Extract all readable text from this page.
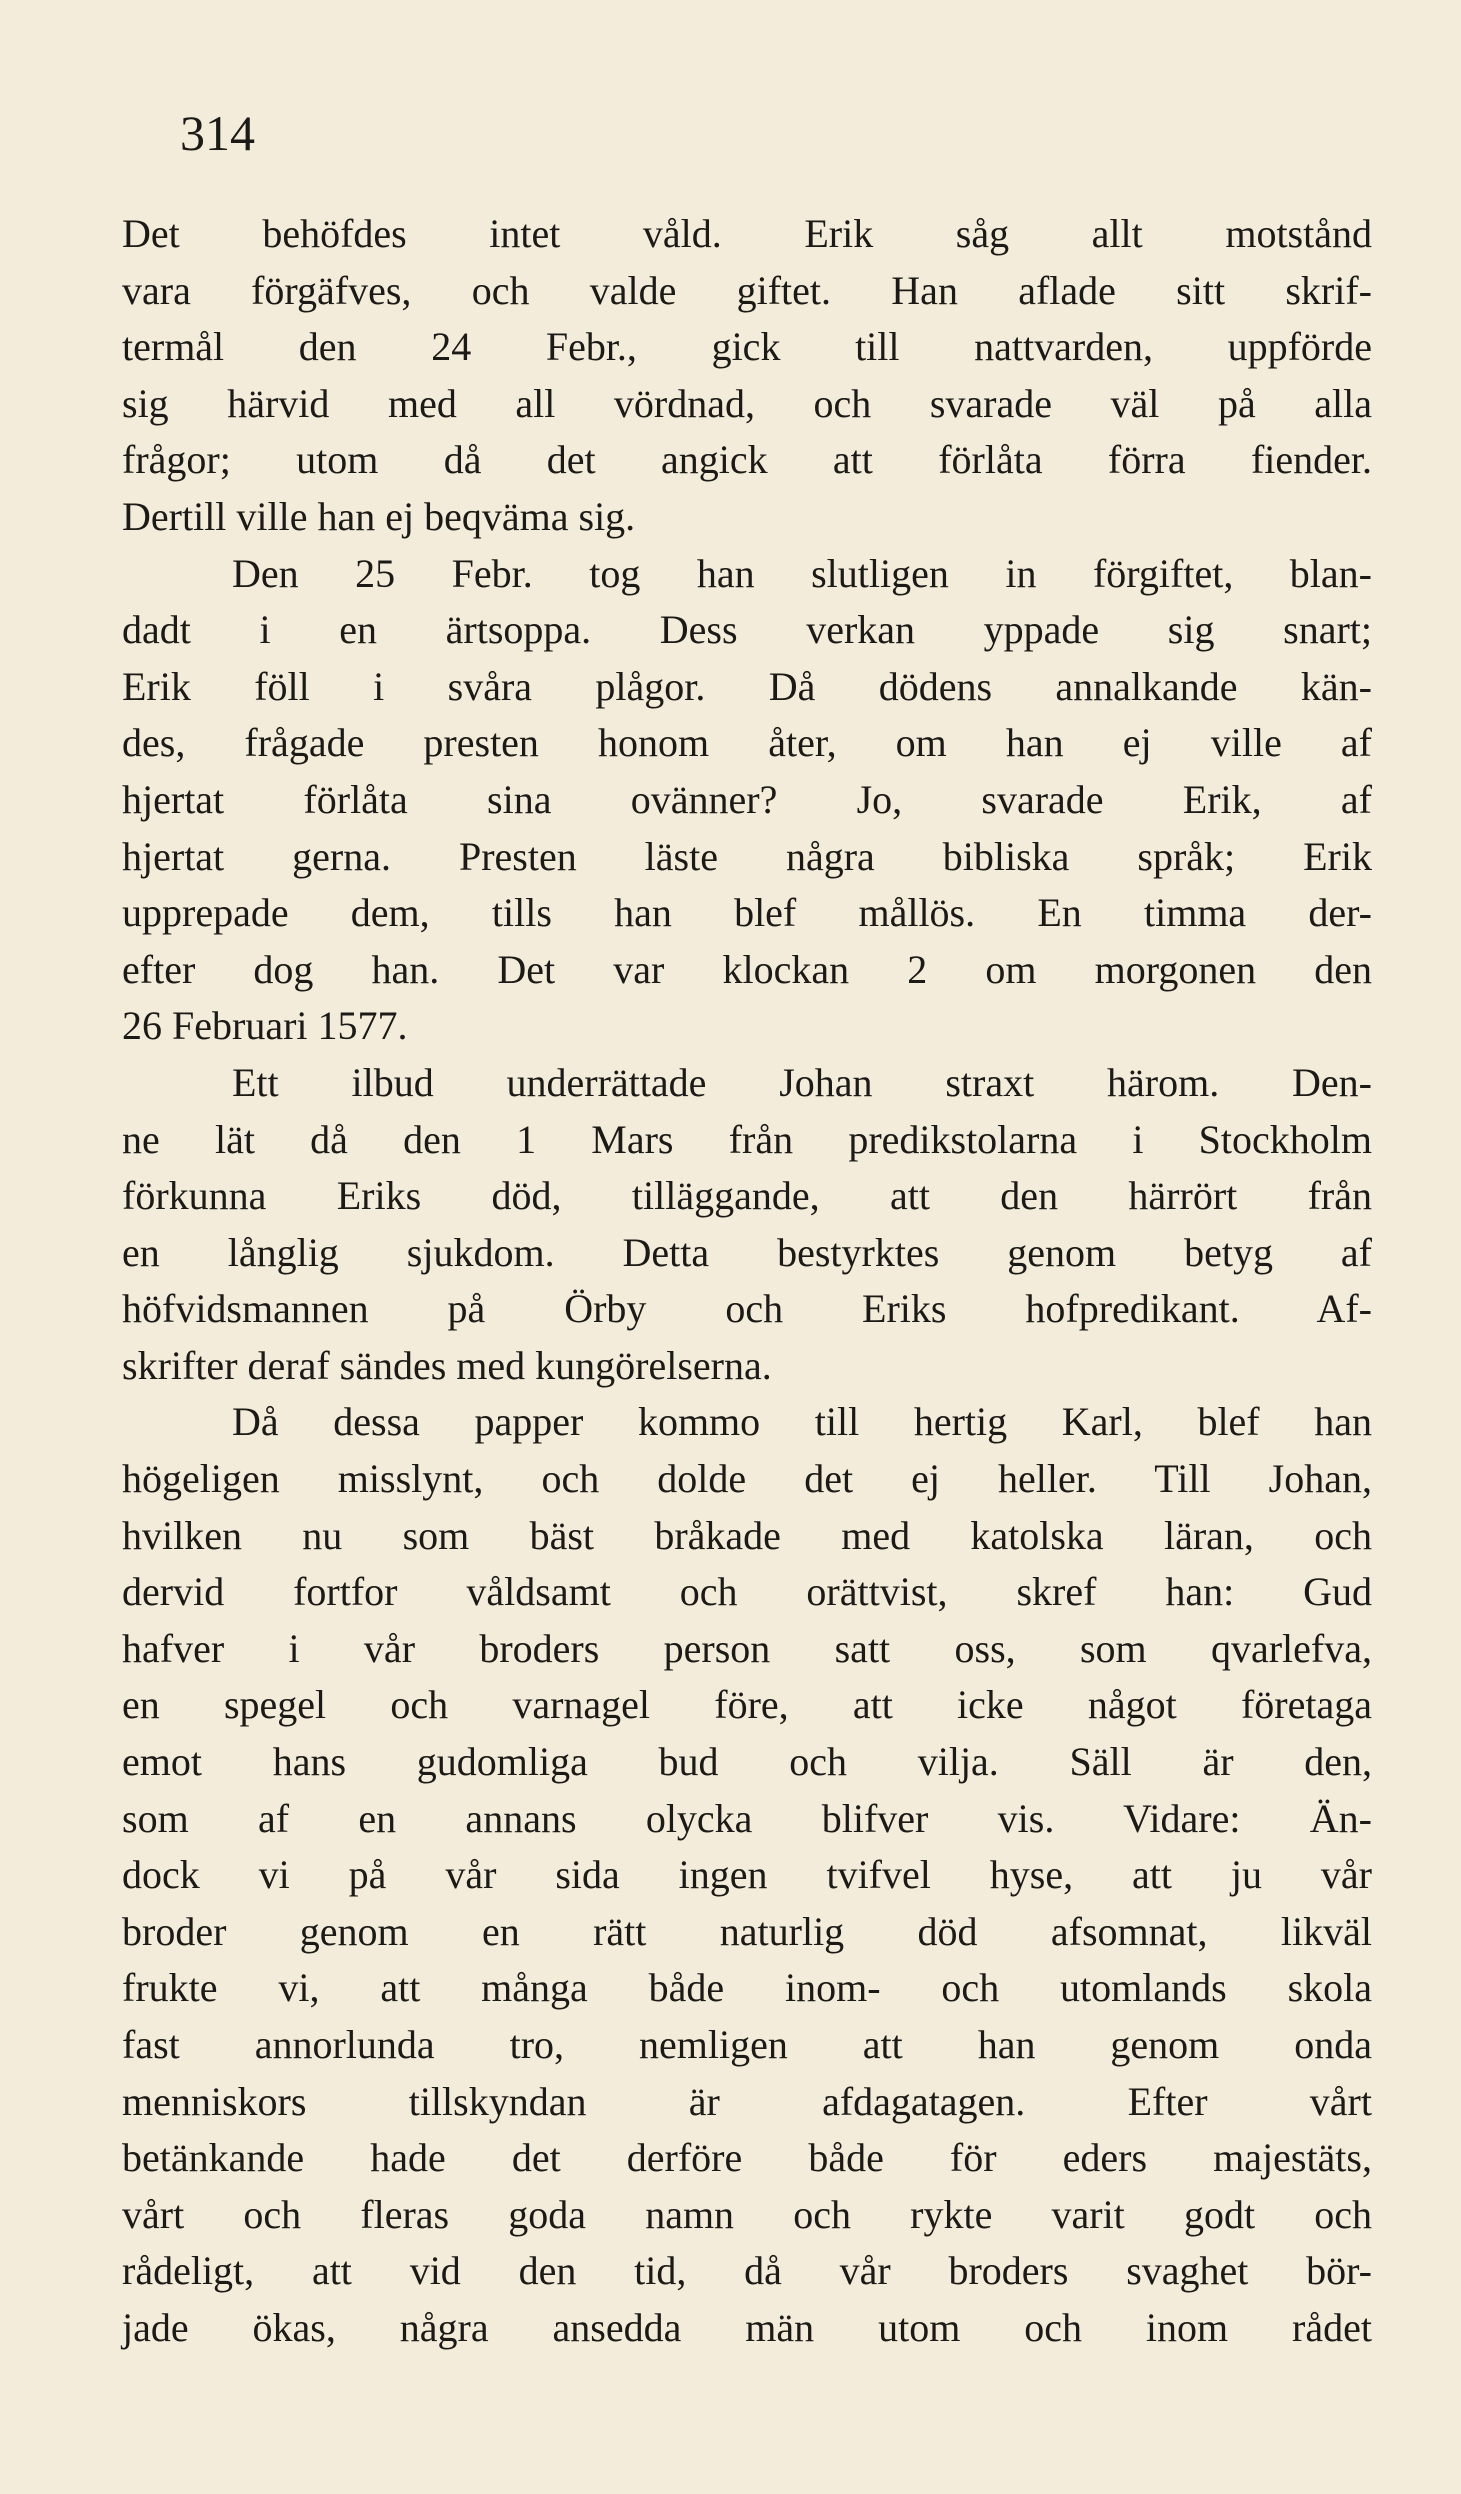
314
Det behöfdes intet våld. Erik såg allt motstånd
vara förgäfves, och valde giftet. Han aflade sitt skrif-
termål den 24 Febr., gick till nattvarden, uppförde
sig härvid med all vördnad, och svarade väl på alla
frågor; utom då det angick att förlåta förra fiender.
Dertill ville han ej beqväma sig.
Den 25 Febr. tog han slutligen in förgiftet, blan-
dadt i en ärtsoppa. Dess verkan yppade sig snart;
Erik föll i svåra plågor. Då dödens annalkande kän-
des, frågade presten honom åter, om han ej ville af
hjertat förlåta sina ovänner? Jo, svarade Erik, af
hjertat gerna. Presten läste några bibliska språk; Erik
upprepade dem, tills han blef mållös. En timma der-
efter dog han. Det var klockan 2 om morgonen den
26 Februari 1577.
Ett ilbud underrättade Johan straxt härom. Den-
ne lät då den 1 Mars från predikstolarna i Stockholm
förkunna Eriks död, tilläggande, att den härrört från
en långlig sjukdom. Detta bestyrktes genom betyg af
höfvidsmannen på Örby och Eriks hofpredikant. Af-
skrifter deraf sändes med kungörelserna.
Då dessa papper kommo till hertig Karl, blef han
högeligen misslynt, och dolde det ej heller. Till Johan,
hvilken nu som bäst bråkade med katolska läran, och
dervid fortfor våldsamt och orättvist, skref han: Gud
hafver i vår broders person satt oss, som qvarlefva,
en spegel och varnagel före, att icke något företaga
emot hans gudomliga bud och vilja. Säll är den,
som af en annans olycka blifver vis. Vidare: Än-
dock vi på vår sida ingen tvifvel hyse, att ju vår
broder genom en rätt naturlig död afsomnat, likväl
frukte vi, att många både inom- och utomlands skola
fast annorlunda tro, nemligen att han genom onda
menniskors tillskyndan är afdagatagen. Efter vårt
betänkande hade det derföre både för eders majestäts,
vårt och fleras goda namn och rykte varit godt och
rådeligt, att vid den tid, då vår broders svaghet bör-
jade ökas, några ansedda män utom och inom rådet
